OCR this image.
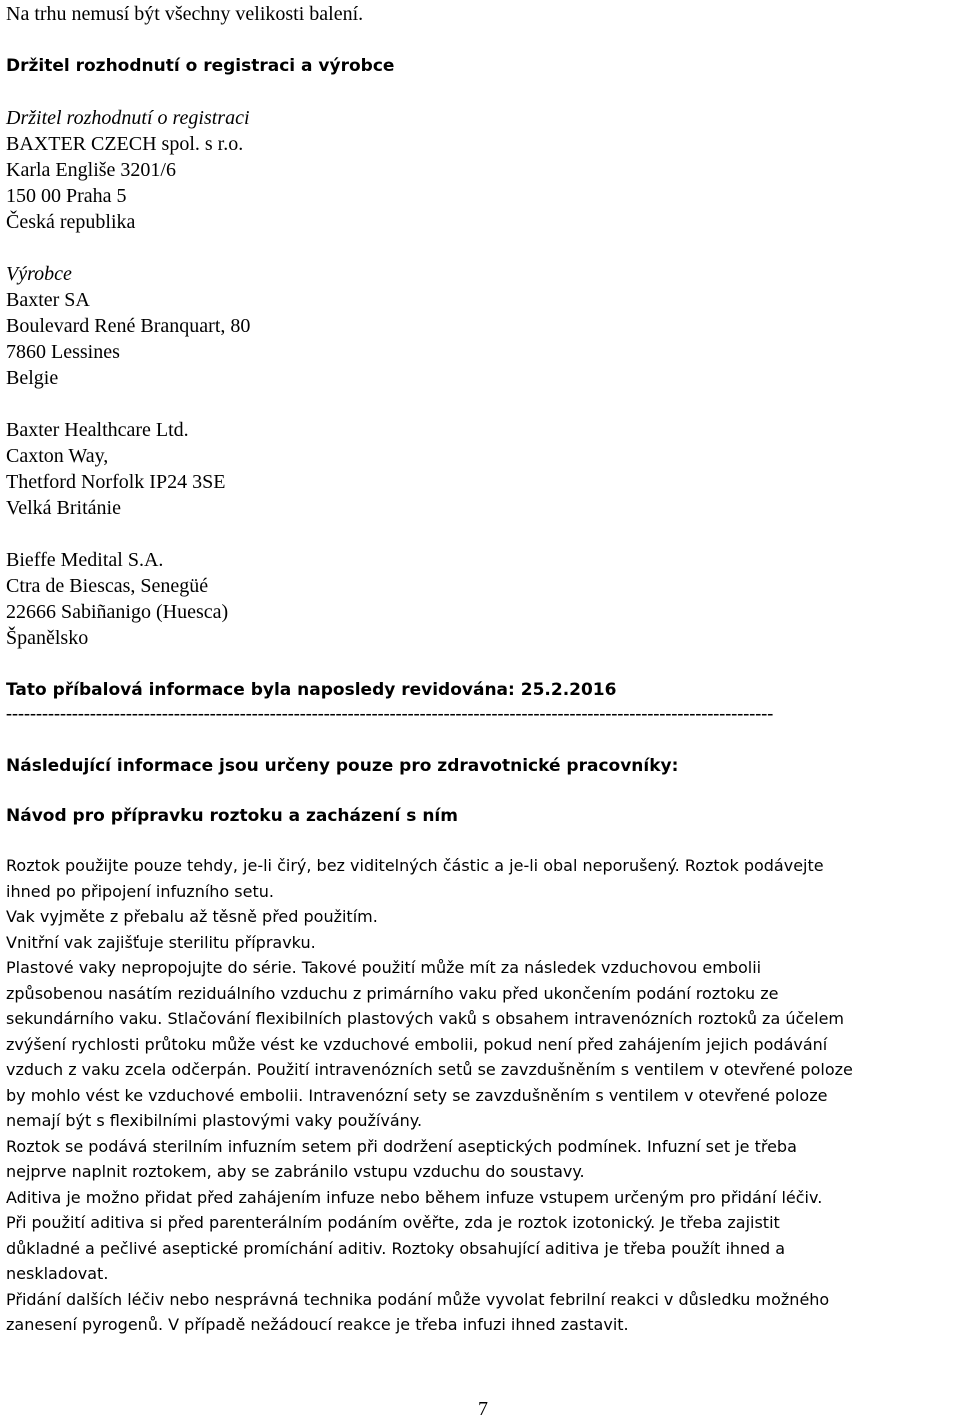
Na trhu nemusí být všechny velikosti balení.
Držitel rozhodnutí o registraci a výrobce
Držitel rozhodnutí o registraci
BAXTER CZECH spol. s r.o.
Karla Engliše 3201/6
150 00 Praha 5
Česká republika
Výrobce
Baxter SA
Boulevard René Branquart, 80
7860 Lessines
Belgie
Baxter Healthcare Ltd.
Caxton Way,
Thetford Norfolk IP24 3SE
Velká Británie
Bieffe Medital S.A.
Ctra de Biescas, Senegüé
22666 Sabiñanigo (Huesca)
Španělsko
Tato příbalová informace byla naposledy revidována: 25.2.2016
--------------------------------------------------------------------------------------------------------------------------------
Následující informace jsou určeny pouze pro zdravotnické pracovníky:
Návod pro přípravku roztoku a zacházení s ním
Roztok použijte pouze tehdy, je-li čirý, bez viditelných částic a je-li obal neporušený. Roztok podávejte
ihned po připojení infuzního setu.
Vak vyjměte z přebalu až těsně před použitím.
Vnitřní vak zajišťuje sterilitu přípravku.
Plastové vaky nepropojujte do série. Takové použití může mít za následek vzduchovou embolii
způsobenou nasátím reziduálního vzduchu z primárního vaku před ukončením podání roztoku ze
sekundárního vaku. Stlačování flexibilních plastových vaků s obsahem intravenózních roztoků za účelem
zvýšení rychlosti průtoku může vést ke vzduchové embolii, pokud není před zahájením jejich podávání
vzduch z vaku zcela odčerpán. Použití intravenózních setů se zavzdušněním s ventilem v otevřené poloze
by mohlo vést ke vzduchové embolii. Intravenózní sety se zavzdušněním s ventilem v otevřené poloze
nemají být s flexibilními plastovými vaky používány.
Roztok se podává sterilním infuzním setem při dodržení aseptických podmínek. Infuzní set je třeba
nejprve naplnit roztokem, aby se zabránilo vstupu vzduchu do soustavy.
Aditiva je možno přidat před zahájením infuze nebo během infuze vstupem určeným pro přidání léčiv.
Při použití aditiva si před parenterálním podáním ověřte, zda je roztok izotonický. Je třeba zajistit
důkladné a pečlivé aseptické promíchání aditiv. Roztoky obsahující aditiva je třeba použít ihned a
neskladovat.
Přidání dalších léčiv nebo nesprávná technika podání může vyvolat febrilní reakci v důsledku možného
zanesení pyrogenů. V případě nežádoucí reakce je třeba infuzi ihned zastavit.
7
